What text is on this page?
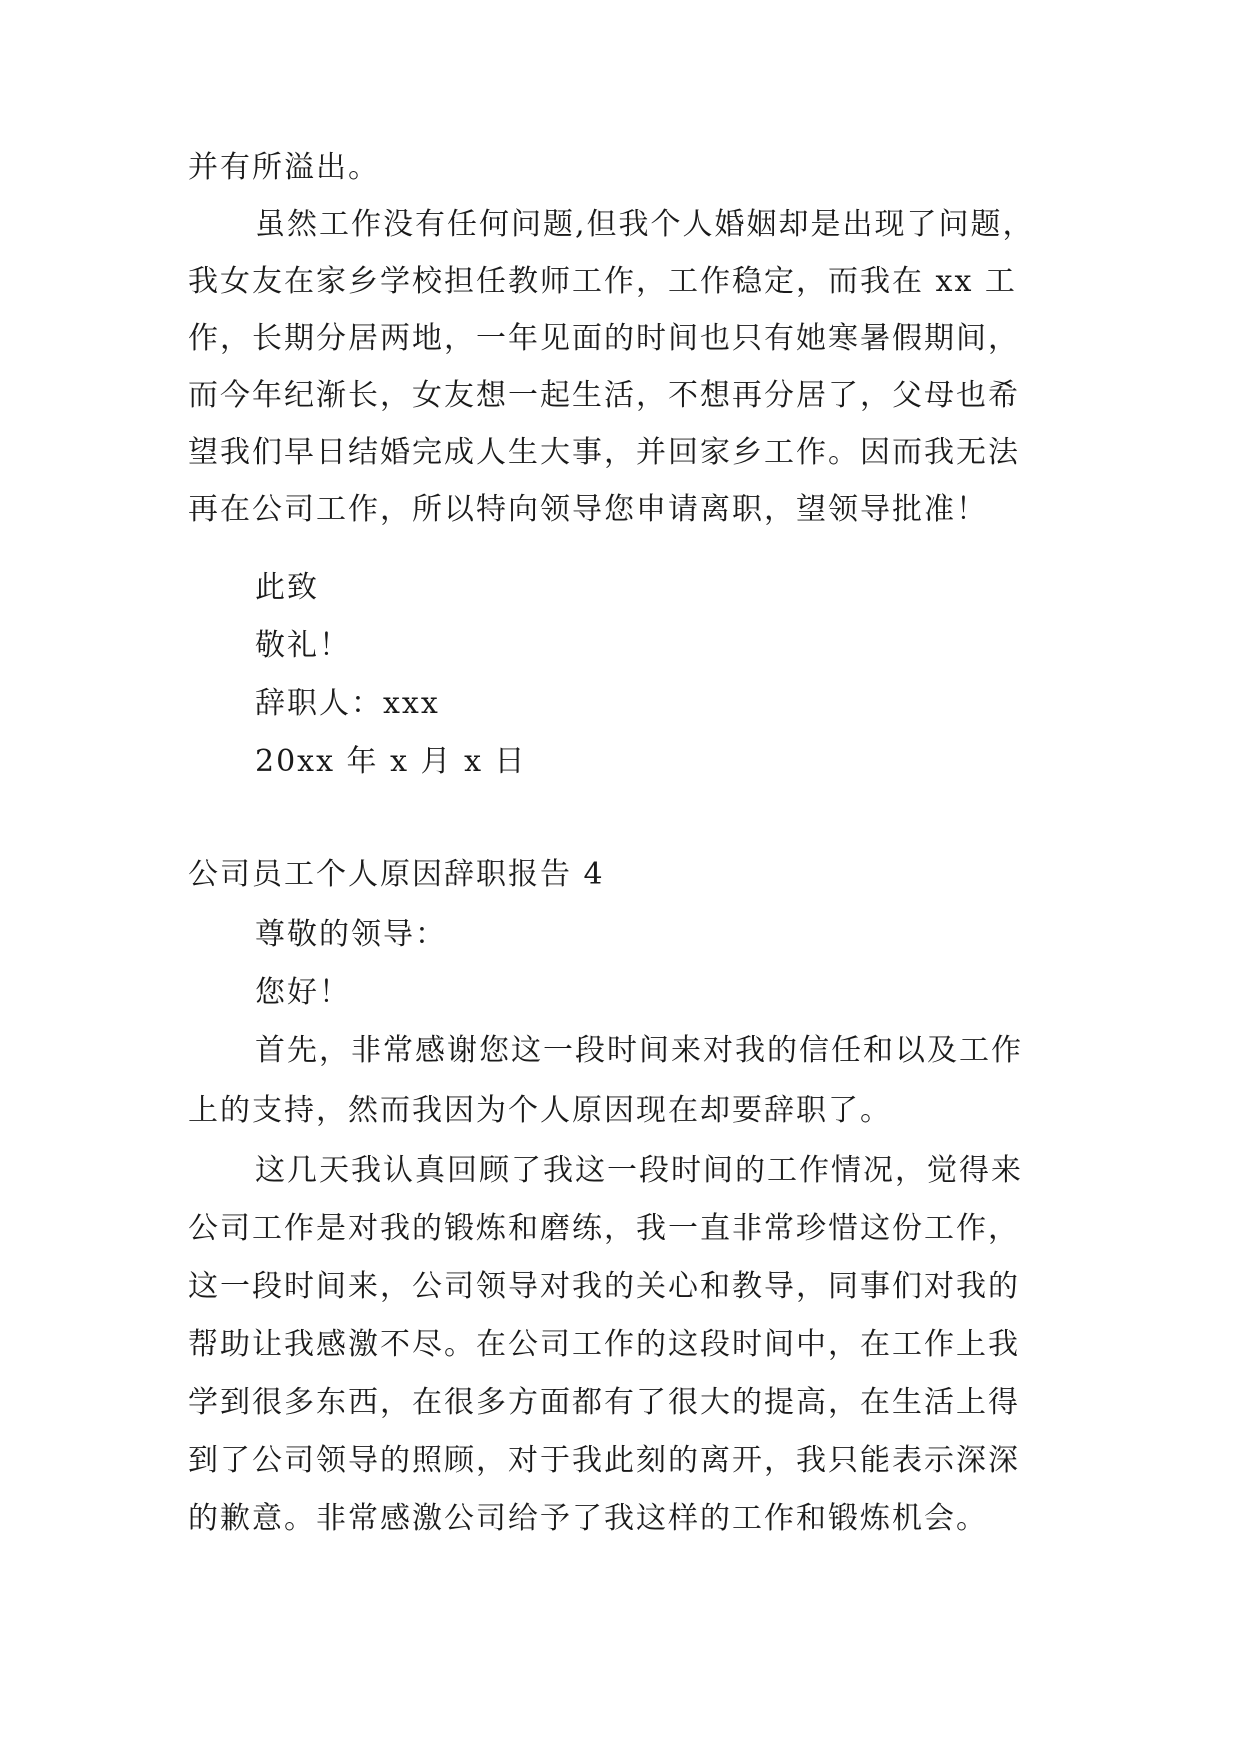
并有所溢出。
虽然工作没有任何问题,但我个人婚姻却是出现了问题，
我女友在家乡学校担任教师工作，工作稳定，而我在 xx 工
作，长期分居两地，一年见面的时间也只有她寒暑假期间，
而今年纪渐长，女友想一起生活，不想再分居了，父母也希
望我们早日结婚完成人生大事，并回家乡工作。因而我无法
再在公司工作，所以特向领导您申请离职，望领导批准！
此致
敬礼！
辞职人：xxx
20xx 年 x 月 x 日
公司员工个人原因辞职报告 4
尊敬的领导：
您好！
首先，非常感谢您这一段时间来对我的信任和以及工作
上的支持，然而我因为个人原因现在却要辞职了。
这几天我认真回顾了我这一段时间的工作情况，觉得来
公司工作是对我的锻炼和磨练，我一直非常珍惜这份工作，
这一段时间来，公司领导对我的关心和教导，同事们对我的
帮助让我感激不尽。在公司工作的这段时间中，在工作上我
学到很多东西，在很多方面都有了很大的提高，在生活上得
到了公司领导的照顾，对于我此刻的离开，我只能表示深深
的歉意。非常感激公司给予了我这样的工作和锻炼机会。
